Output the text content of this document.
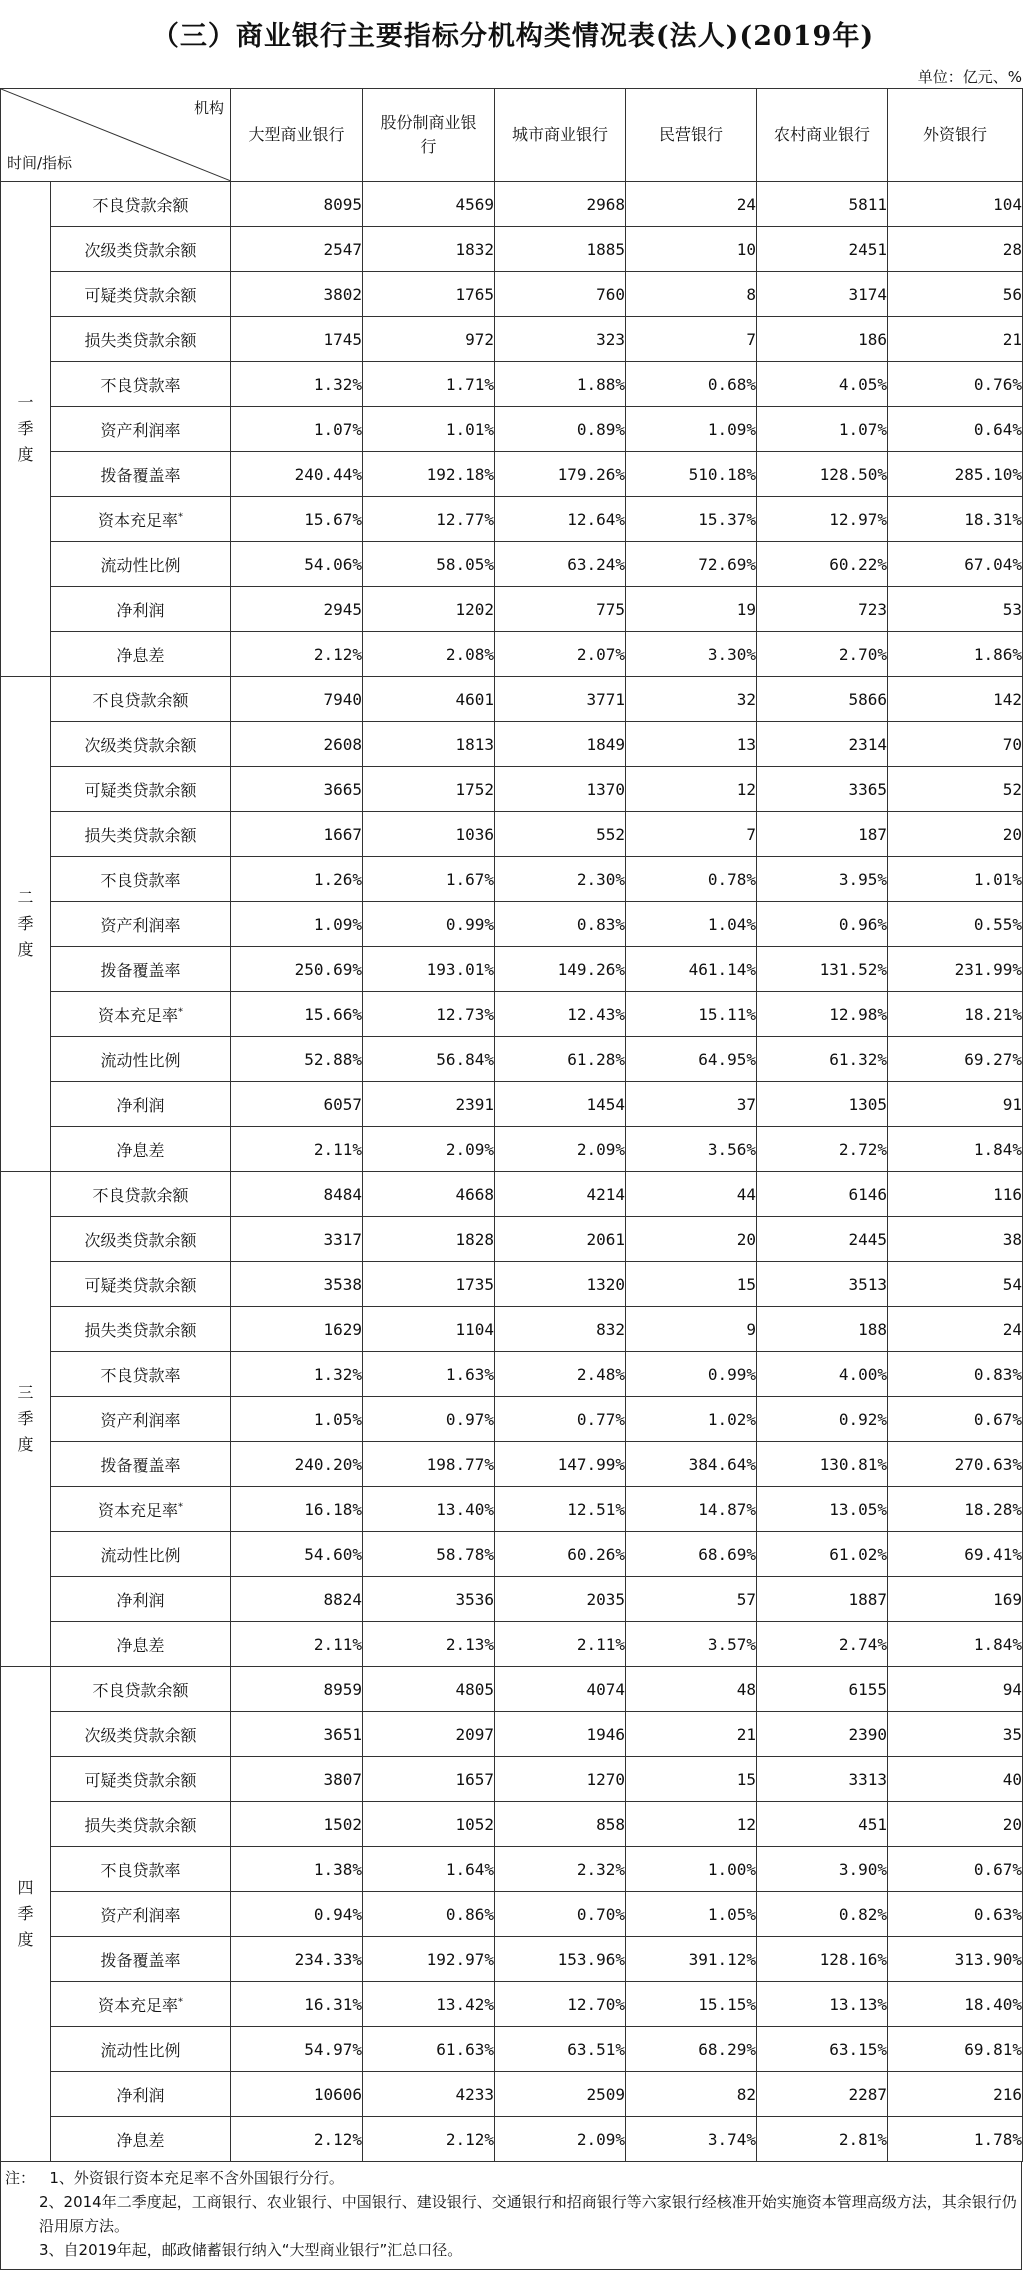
（三）商业银行主要指标分机构类情况表(法人)(2019年)
单位：亿元、%
机构
时间/指标		大型商业银行	股份制商业银行	城市商业银行	民营银行	农村商业银行	外资银行
一
季
度	不良贷款余额	8095	4569	2968	24	5811	104
	次级类贷款余额	2547	1832	1885	10	2451	28
	可疑类贷款余额	3802	1765	760	8	3174	56
	损失类贷款余额	1745	972	323	7	186	21
	不良贷款率	1.32%	1.71%	1.88%	0.68%	4.05%	0.76%
	资产利润率	1.07%	1.01%	0.89%	1.09%	1.07%	0.64%
	拨备覆盖率	240.44%	192.18%	179.26%	510.18%	128.50%	285.10%
	资本充足率*	15.67%	12.77%	12.64%	15.37%	12.97%	18.31%
	流动性比例	54.06%	58.05%	63.24%	72.69%	60.22%	67.04%
	净利润	2945	1202	775	19	723	53
	净息差	2.12%	2.08%	2.07%	3.30%	2.70%	1.86%
二
季
度	不良贷款余额	7940	4601	3771	32	5866	142
	次级类贷款余额	2608	1813	1849	13	2314	70
	可疑类贷款余额	3665	1752	1370	12	3365	52
	损失类贷款余额	1667	1036	552	7	187	20
	不良贷款率	1.26%	1.67%	2.30%	0.78%	3.95%	1.01%
	资产利润率	1.09%	0.99%	0.83%	1.04%	0.96%	0.55%
	拨备覆盖率	250.69%	193.01%	149.26%	461.14%	131.52%	231.99%
	资本充足率*	15.66%	12.73%	12.43%	15.11%	12.98%	18.21%
	流动性比例	52.88%	56.84%	61.28%	64.95%	61.32%	69.27%
	净利润	6057	2391	1454	37	1305	91
	净息差	2.11%	2.09%	2.09%	3.56%	2.72%	1.84%
三
季
度	不良贷款余额	8484	4668	4214	44	6146	116
	次级类贷款余额	3317	1828	2061	20	2445	38
	可疑类贷款余额	3538	1735	1320	15	3513	54
	损失类贷款余额	1629	1104	832	9	188	24
	不良贷款率	1.32%	1.63%	2.48%	0.99%	4.00%	0.83%
	资产利润率	1.05%	0.97%	0.77%	1.02%	0.92%	0.67%
	拨备覆盖率	240.20%	198.77%	147.99%	384.64%	130.81%	270.63%
	资本充足率*	16.18%	13.40%	12.51%	14.87%	13.05%	18.28%
	流动性比例	54.60%	58.78%	60.26%	68.69%	61.02%	69.41%
	净利润	8824	3536	2035	57	1887	169
	净息差	2.11%	2.13%	2.11%	3.57%	2.74%	1.84%
四
季
度	不良贷款余额	8959	4805	4074	48	6155	94
	次级类贷款余额	3651	2097	1946	21	2390	35
	可疑类贷款余额	3807	1657	1270	15	3313	40
	损失类贷款余额	1502	1052	858	12	451	20
	不良贷款率	1.38%	1.64%	2.32%	1.00%	3.90%	0.67%
	资产利润率	0.94%	0.86%	0.70%	1.05%	0.82%	0.63%
	拨备覆盖率	234.33%	192.97%	153.96%	391.12%	128.16%	313.90%
	资本充足率*	16.31%	13.42%	12.70%	15.15%	13.13%	18.40%
	流动性比例	54.97%	61.63%	63.51%	68.29%	63.15%	69.81%
	净利润	10606	4233	2509	82	2287	216
	净息差	2.12%	2.12%	2.09%	3.74%	2.81%	1.78%
注： 1、外资银行资本充足率不含外国银行分行。
2、2014年二季度起，工商银行、农业银行、中国银行、建设银行、交通银行和招商银行等六家银行经核准开始实施资本管理高级方法，其余银行仍沿用原方法。
3、自2019年起，邮政储蓄银行纳入“大型商业银行”汇总口径。
